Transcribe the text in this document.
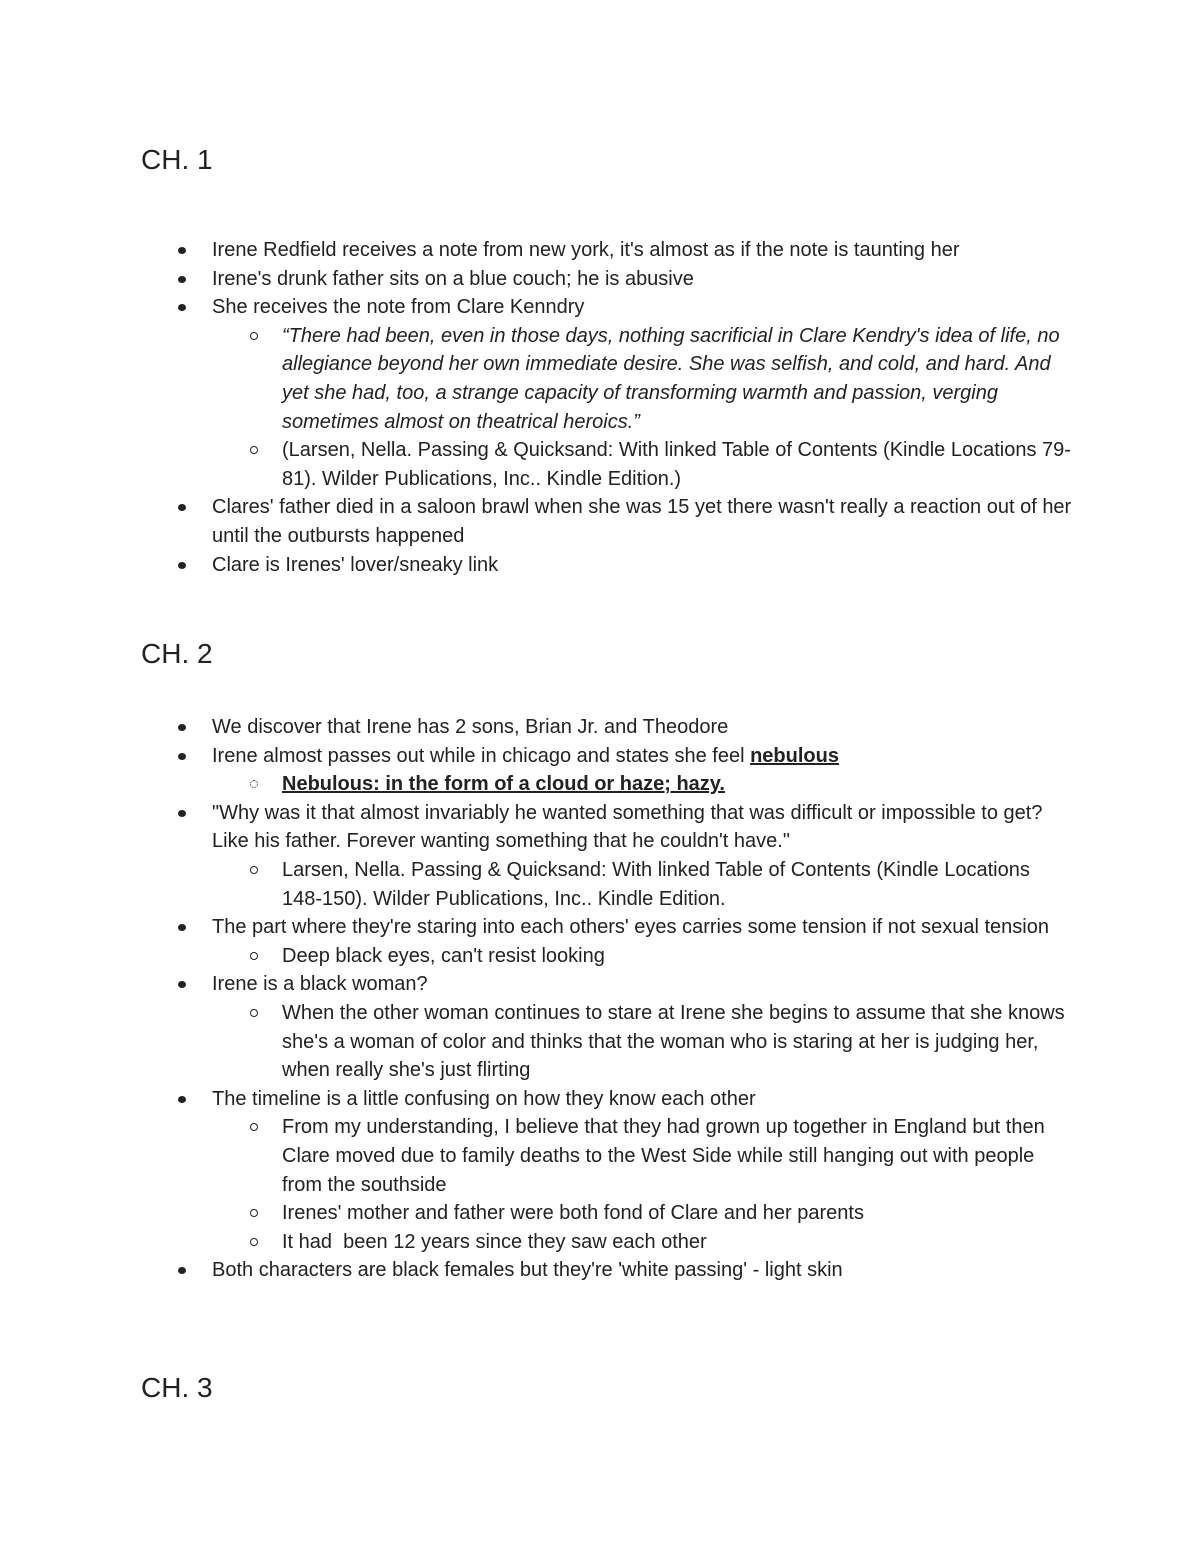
CH. 1
Irene Redfield receives a note from new york, it's almost as if the note is taunting her
Irene's drunk father sits on a blue couch; he is abusive
She receives the note from Clare Kenndry
“There had been, even in those days, nothing sacrificial in Clare Kendry's idea of life, no allegiance beyond her own immediate desire. She was selfish, and cold, and hard. And yet she had, too, a strange capacity of transforming warmth and passion, verging sometimes almost on theatrical heroics.”
(Larsen, Nella. Passing & Quicksand: With linked Table of Contents (Kindle Locations 79-81). Wilder Publications, Inc.. Kindle Edition.)
Clares' father died in a saloon brawl when she was 15 yet there wasn't really a reaction out of her until the outbursts happened
Clare is Irenes' lover/sneaky link
CH. 2
We discover that Irene has 2 sons, Brian Jr. and Theodore
Irene almost passes out while in chicago and states she feel nebulous
Nebulous: in the form of a cloud or haze; hazy.
"Why was it that almost invariably he wanted something that was difficult or impossible to get? Like his father. Forever wanting something that he couldn't have."
Larsen, Nella. Passing & Quicksand: With linked Table of Contents (Kindle Locations 148-150). Wilder Publications, Inc.. Kindle Edition.
The part where they're staring into each others' eyes carries some tension if not sexual tension
Deep black eyes, can't resist looking
Irene is a black woman?
When the other woman continues to stare at Irene she begins to assume that she knows she's a woman of color and thinks that the woman who is staring at her is judging her, when really she's just flirting
The timeline is a little confusing on how they know each other
From my understanding, I believe that they had grown up together in England but then Clare moved due to family deaths to the West Side while still hanging out with people from the southside
Irenes' mother and father were both fond of Clare and her parents
It had  been 12 years since they saw each other
Both characters are black females but they're 'white passing' - light skin
CH. 3
